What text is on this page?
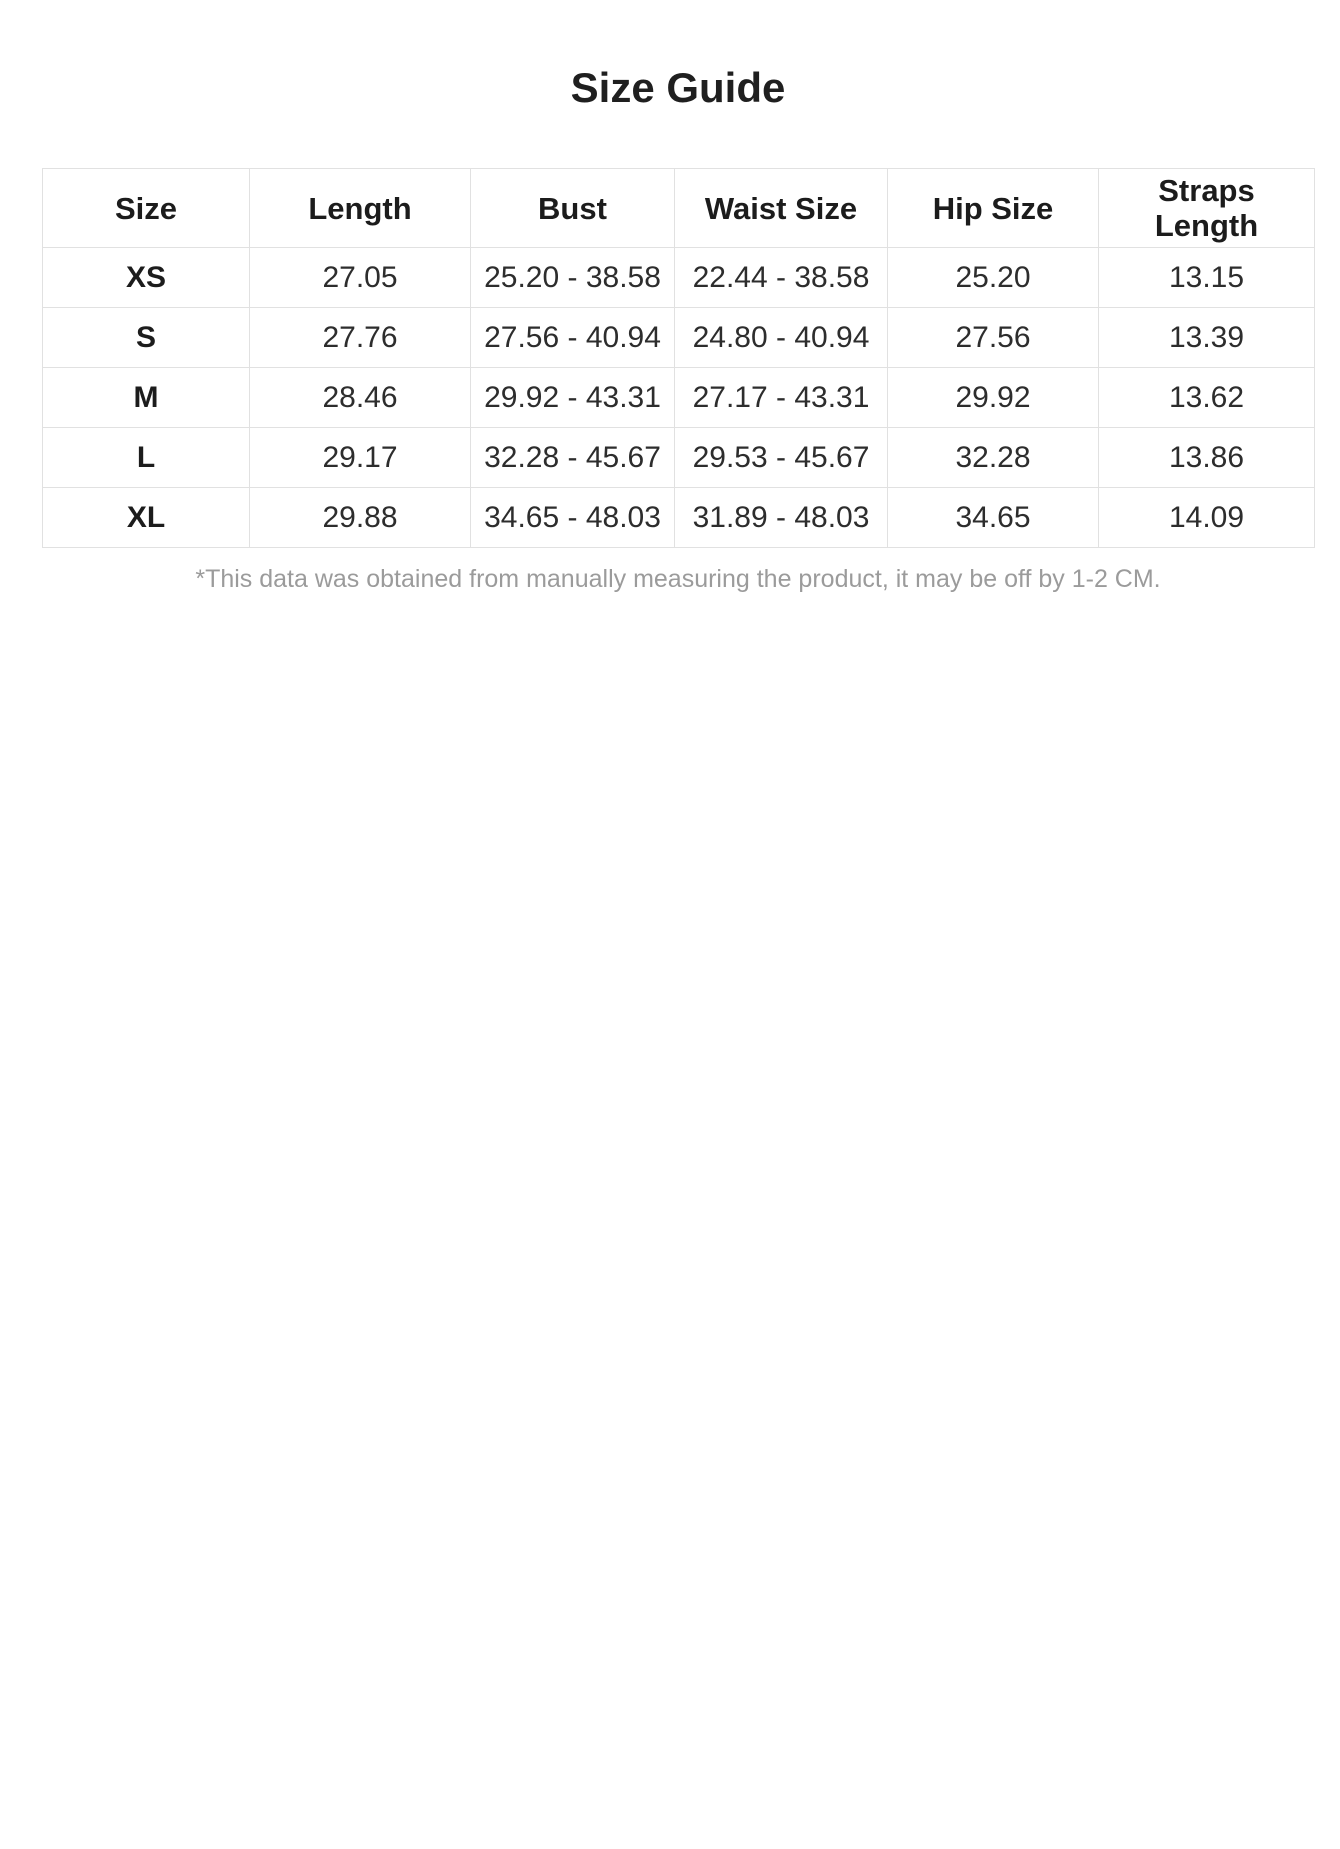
Size Guide
Size	Length	Bust	Waist Size	Hip Size	Straps Length

XS	27.05	25.20 - 38.58	22.44 - 38.58	25.20	13.15
S	27.76	27.56 - 40.94	24.80 - 40.94	27.56	13.39
M	28.46	29.92 - 43.31	27.17 - 43.31	29.92	13.62
L	29.17	32.28 - 45.67	29.53 - 45.67	32.28	13.86
XL	29.88	34.65 - 48.03	31.89 - 48.03	34.65	14.09
*This data was obtained from manually measuring the product, it may be off by 1-2 CM.
